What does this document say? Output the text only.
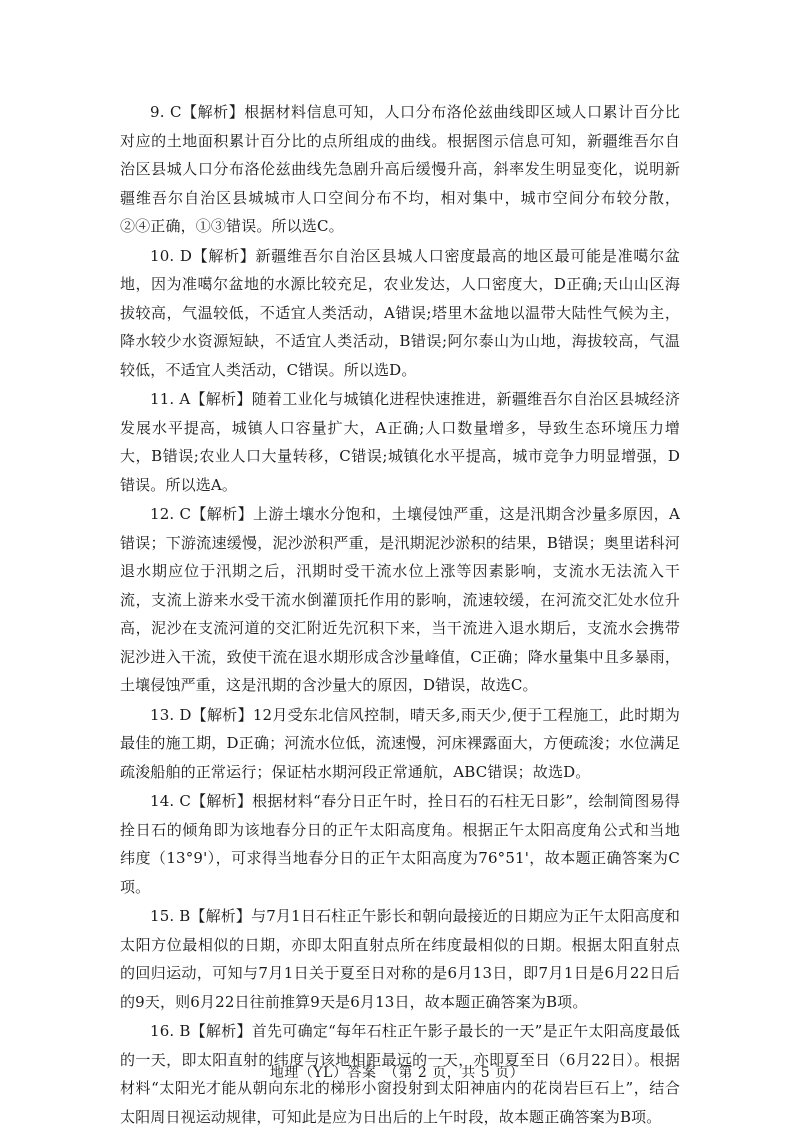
9. C【解析】根据材料信息可知，人口分布洛伦兹曲线即区域人口累计百分比对应的土地面积累计百分比的点所组成的曲线。根据图示信息可知，新疆维吾尔自治区县城人口分布洛伦兹曲线先急剧升高后缓慢升高，斜率发生明显变化，说明新疆维吾尔自治区县城城市人口空间分布不均，相对集中，城市空间分布较分散，②④正确，①③错误。所以选C。

10. D【解析】新疆维吾尔自治区县城人口密度最高的地区最可能是准噶尔盆地，因为准噶尔盆地的水源比较充足，农业发达，人口密度大，D正确;天山山区海拔较高，气温较低，不适宜人类活动，A错误;塔里木盆地以温带大陆性气候为主，降水较少水资源短缺，不适宜人类活动，B错误;阿尔泰山为山地，海拔较高，气温较低，不适宜人类活动，C错误。所以选D。

11. A【解析】随着工业化与城镇化进程快速推进，新疆维吾尔自治区县城经济发展水平提高，城镇人口容量扩大，A正确;人口数量增多，导致生态环境压力增大，B错误;农业人口大量转移，C错误;城镇化水平提高，城市竞争力明显增强，D错误。所以选A。

12. C【解析】上游土壤水分饱和，土壤侵蚀严重，这是汛期含沙量多原因，A错误；下游流速缓慢，泥沙淤积严重，是汛期泥沙淤积的结果，B错误；奥里诺科河退水期应位于汛期之后，汛期时受干流水位上涨等因素影响，支流水无法流入干流，支流上游来水受干流水倒灌顶托作用的影响，流速较缓，在河流交汇处水位升高，泥沙在支流河道的交汇附近先沉积下来，当干流进入退水期后，支流水会携带泥沙进入干流，致使干流在退水期形成含沙量峰值，C正确；降水量集中且多暴雨，土壤侵蚀严重，这是汛期的含沙量大的原因，D错误，故选C。

13. D【解析】12月受东北信风控制，晴天多,雨天少,便于工程施工，此时期为最佳的施工期，D正确；河流水位低，流速慢，河床裸露面大，方便疏浚；水位满足疏浚船舶的正常运行；保证枯水期河段正常通航，ABC错误；故选D。

14. C【解析】根据材料“春分日正午时，拴日石的石柱无日影”，绘制简图易得拴日石的倾角即为该地春分日的正午太阳高度角。根据正午太阳高度角公式和当地纬度（13°9'），可求得当地春分日的正午太阳高度为76°51'，故本题正确答案为C项。

15. B【解析】与7月1日石柱正午影长和朝向最接近的日期应为正午太阳高度和太阳方位最相似的日期，亦即太阳直射点所在纬度最相似的日期。根据太阳直射点的回归运动，可知与7月1日关于夏至日对称的是6月13日，即7月1日是6月22日后的9天，则6月22日往前推算9天是6月13日，故本题正确答案为B项。

16. B【解析】首先可确定“每年石柱正午影子最长的一天”是正午太阳高度最低的一天，即太阳直射的纬度与该地相距最远的一天，亦即夏至日（6月22日）。根据材料“太阳光才能从朝向东北的梯形小窗投射到太阳神庙内的花岗岩巨石上”，结合太阳周日视运动规律，可知此是应为日出后的上午时段，故本题正确答案为B项。

地理（YL）答案　（第 2 页，共 5 页）
